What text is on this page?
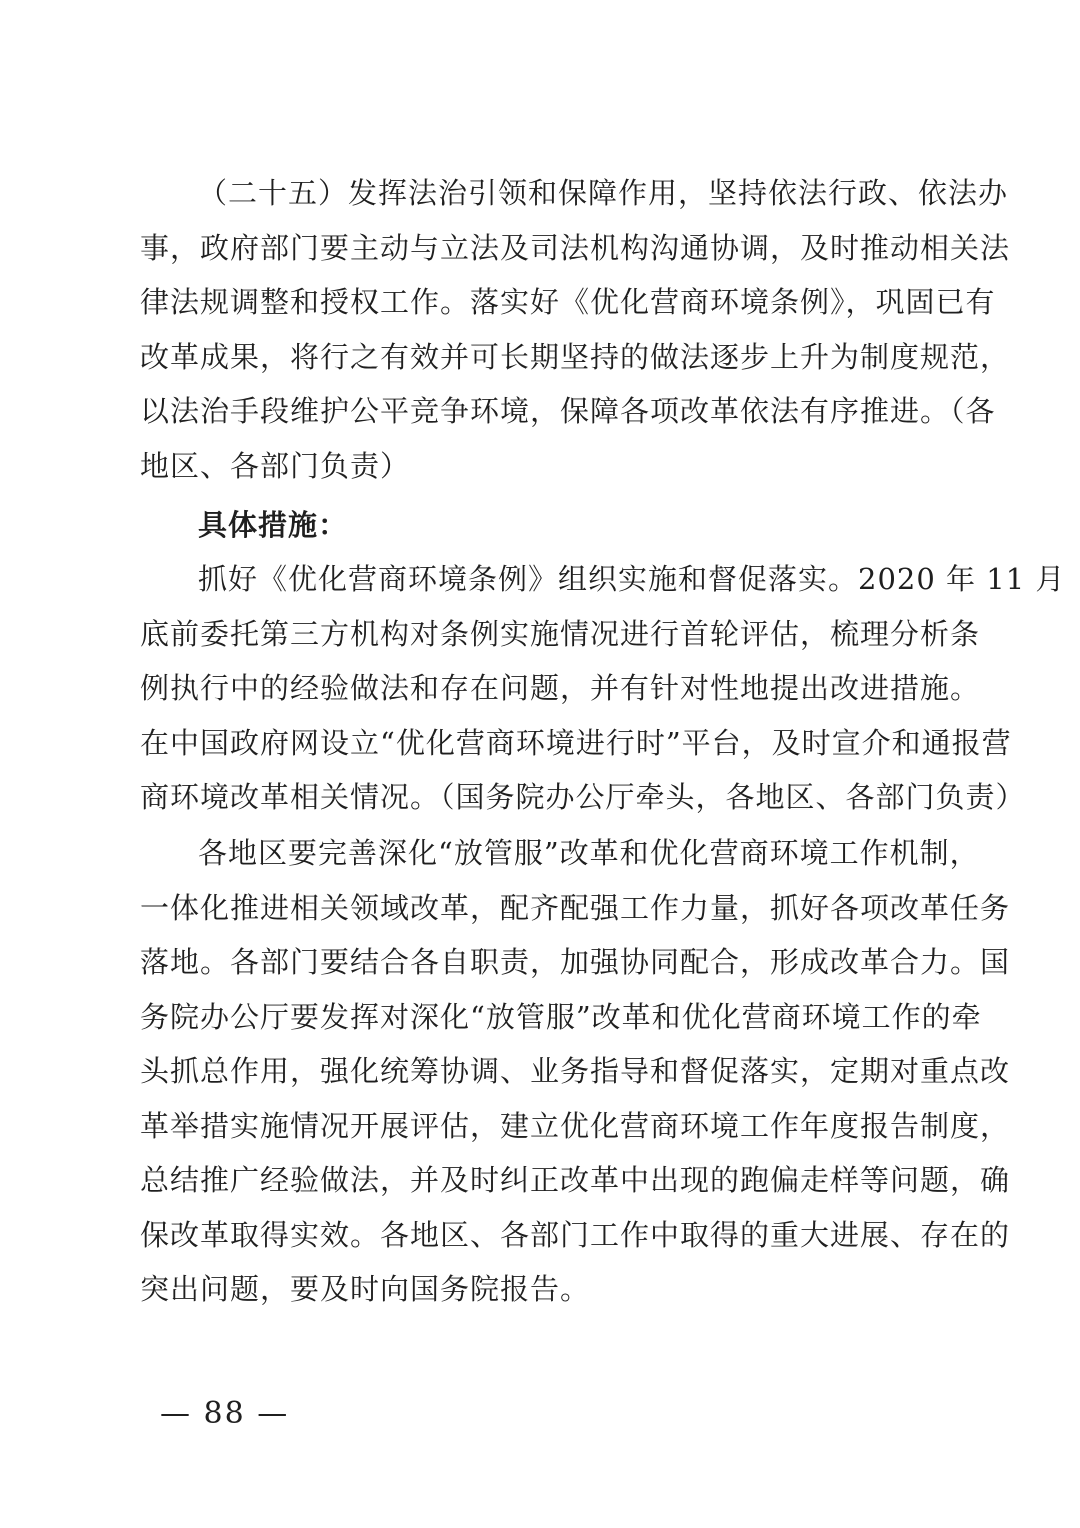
（二十五）发挥法治引领和保障作用，坚持依法行政、依法办
事，政府部门要主动与立法及司法机构沟通协调，及时推动相关法
律法规调整和授权工作。落实好《优化营商环境条例》，巩固已有
改革成果，将行之有效并可长期坚持的做法逐步上升为制度规范，
以法治手段维护公平竞争环境，保障各项改革依法有序推进。（各
地区、各部门负责）
具体措施：
抓好《优化营商环境条例》组织实施和督促落实。2020 年 11 月
底前委托第三方机构对条例实施情况进行首轮评估，梳理分析条
例执行中的经验做法和存在问题，并有针对性地提出改进措施。
在中国政府网设立“优化营商环境进行时”平台，及时宣介和通报营
商环境改革相关情况。（国务院办公厅牵头，各地区、各部门负责）
各地区要完善深化“放管服”改革和优化营商环境工作机制，
一体化推进相关领域改革，配齐配强工作力量，抓好各项改革任务
落地。各部门要结合各自职责，加强协同配合，形成改革合力。国
务院办公厅要发挥对深化“放管服”改革和优化营商环境工作的牵
头抓总作用，强化统筹协调、业务指导和督促落实，定期对重点改
革举措实施情况开展评估，建立优化营商环境工作年度报告制度，
总结推广经验做法，并及时纠正改革中出现的跑偏走样等问题，确
保改革取得实效。各地区、各部门工作中取得的重大进展、存在的
突出问题，要及时向国务院报告。
— 88 —
